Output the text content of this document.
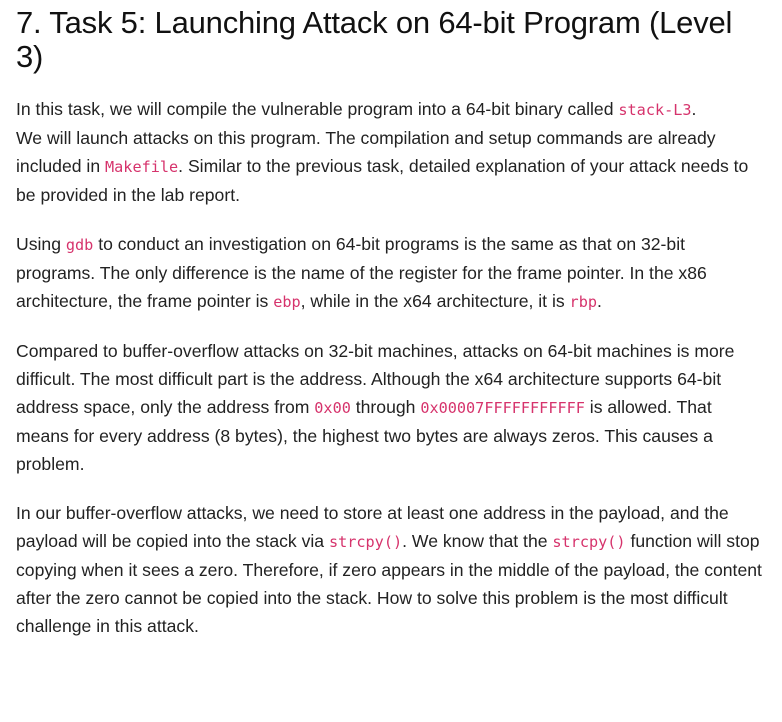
7. Task 5: Launching Attack on 64-bit Program (Level 3)

In this task, we will compile the vulnerable program into a 64-bit binary called stack-L3.
We will launch attacks on this program. The compilation and setup commands are already included in Makefile. Similar to the previous task, detailed explanation of your attack needs to be provided in the lab report.

Using gdb to conduct an investigation on 64-bit programs is the same as that on 32-bit programs. The only difference is the name of the register for the frame pointer. In the x86 architecture, the frame pointer is ebp, while in the x64 architecture, it is rbp.

Compared to buffer-overflow attacks on 32-bit machines, attacks on 64-bit machines is more difficult. The most difficult part is the address. Although the x64 architecture supports 64-bit address space, only the address from 0x00 through 0x00007FFFFFFFFFFF is allowed. That means for every address (8 bytes), the highest two bytes are always zeros. This causes a problem.

In our buffer-overflow attacks, we need to store at least one address in the payload, and the payload will be copied into the stack via strcpy(). We know that the strcpy() function will stop copying when it sees a zero. Therefore, if zero appears in the middle of the payload, the content after the zero cannot be copied into the stack. How to solve this problem is the most difficult challenge in this attack.
